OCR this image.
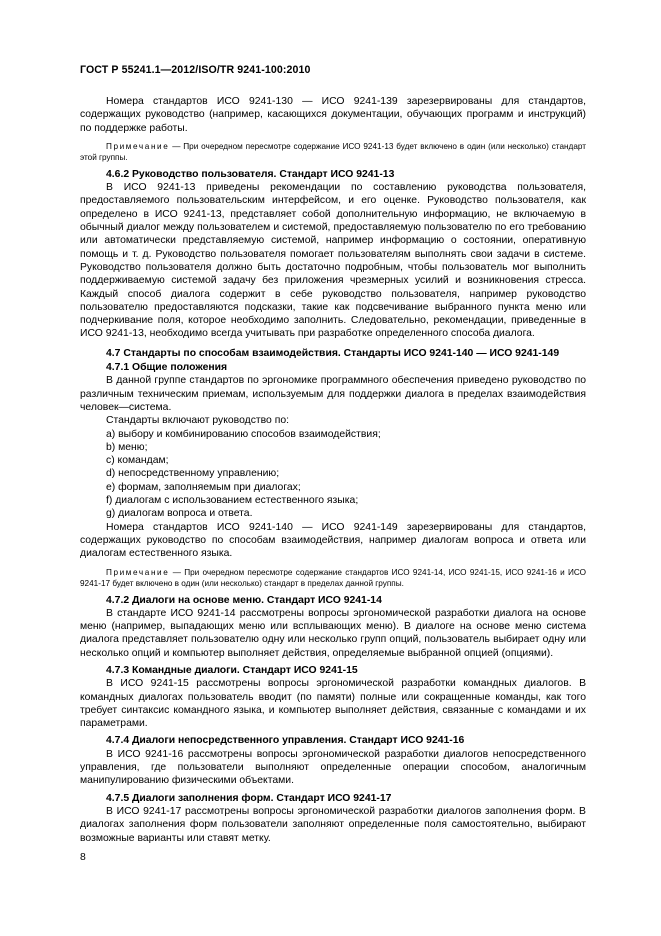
ГОСТ Р 55241.1—2012/ISO/TR 9241-100:2010

Номера стандартов ИСО 9241-130 — ИСО 9241-139 зарезервированы для стандартов, содержащих руководство (например, касающихся документации, обучающих программ и инструкций) по поддержке работы.

Примечание — При очередном пересмотре содержание ИСО 9241-13 будет включено в один (или несколько) стандарт этой группы.

4.6.2 Руководство пользователя. Стандарт ИСО 9241-13

В ИСО 9241-13 приведены рекомендации по составлению руководства пользователя, предоставляемого пользовательским интерфейсом, и его оценке. Руководство пользователя, как определено в ИСО 9241-13, представляет собой дополнительную информацию, не включаемую в обычный диалог между пользователем и системой, предоставляемую пользователю по его требованию или автоматически представляемую системой, например информацию о состоянии, оперативную помощь и т. д. Руководство пользователя помогает пользователям выполнять свои задачи в системе. Руководство пользователя должно быть достаточно подробным, чтобы пользователь мог выполнить поддерживаемую системой задачу без приложения чрезмерных усилий и возникновения стресса. Каждый способ диалога содержит в себе руководство пользователя, например руководство пользователю предоставляются подсказки, такие как подсвечивание выбранного пункта меню или подчеркивание поля, которое необходимо заполнить. Следовательно, рекомендации, приведенные в ИСО 9241-13, необходимо всегда учитывать при разработке определенного способа диалога.

4.7 Стандарты по способам взаимодействия. Стандарты ИСО 9241-140 — ИСО 9241-149
4.7.1 Общие положения

В данной группе стандартов по эргономике программного обеспечения приведено руководство по различным техническим приемам, используемым для поддержки диалога в пределах взаимодействия человек—система.

Стандарты включают руководство по:

a) выбору и комбинированию способов взаимодействия;

b) меню;

c) командам;

d) непосредственному управлению;

e) формам, заполняемым при диалогах;

f) диалогам с использованием естественного языка;

g) диалогам вопроса и ответа.

Номера стандартов ИСО 9241-140 — ИСО 9241-149 зарезервированы для стандартов, содержащих руководство по способам взаимодействия, например диалогам вопроса и ответа или диалогам естественного языка.

Примечание — При очередном пересмотре содержание стандартов ИСО 9241-14, ИСО 9241-15, ИСО 9241-16 и ИСО 9241-17 будет включено в один (или несколько) стандарт в пределах данной группы.

4.7.2 Диалоги на основе меню. Стандарт ИСО 9241-14

В стандарте ИСО 9241-14 рассмотрены вопросы эргономической разработки диалога на основе меню (например, выпадающих меню или всплывающих меню). В диалоге на основе меню система диалога представляет пользователю одну или несколько групп опций, пользователь выбирает одну или несколько опций и компьютер выполняет действия, определяемые выбранной опцией (опциями).

4.7.3 Командные диалоги. Стандарт ИСО 9241-15

В ИСО 9241-15 рассмотрены вопросы эргономической разработки командных диалогов. В командных диалогах пользователь вводит (по памяти) полные или сокращенные команды, как того требует синтаксис командного языка, и компьютер выполняет действия, связанные с командами и их параметрами.

4.7.4 Диалоги непосредственного управления. Стандарт ИСО 9241-16

В ИСО 9241-16 рассмотрены вопросы эргономической разработки диалогов непосредственного управления, где пользователи выполняют определенные операции способом, аналогичным манипулированию физическими объектами.

4.7.5 Диалоги заполнения форм. Стандарт ИСО 9241-17

В ИСО 9241-17 рассмотрены вопросы эргономической разработки диалогов заполнения форм. В диалогах заполнения форм пользователи заполняют определенные поля самостоятельно, выбирают возможные варианты или ставят метку.

8
